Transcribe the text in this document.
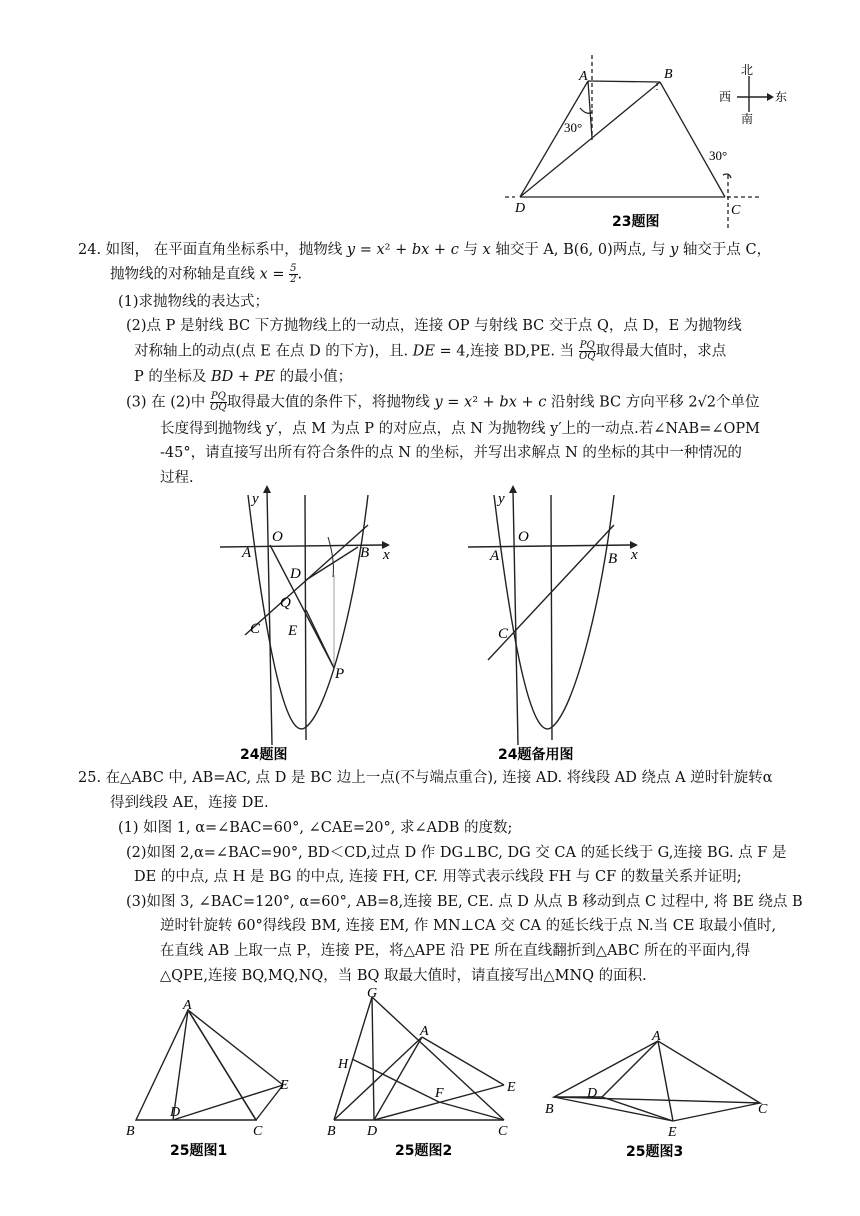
A	B
D	C
30°
30°
北
南
西	东
23题图
24. 如图， 在平面直角坐标系中，抛物线 y = x² + bx + c 与 x 轴交于 A, B(6, 0)两点, 与 y 轴交于点 C，
抛物线的对称轴是直线 $x = \frac{5}{2}$ .
(1)求抛物线的表达式；
(2)点 P 是射线 BC 下方抛物线上的一动点，连接 OP 与射线 BC 交于点 Q，点 D，E 为抛物线
对称轴上的动点(点 E 在点 D 的下方)，且. DE = 4,连接 BD,PE. 当 $\frac{PQ}{OQ}$ 取得最大值时，求点
P 的坐标及 BD + PE 的最小值；
(3) 在 (2)中 $\frac{PQ}{OQ}$ 取得最大值的条件下，将抛物线 y = x² + bx + c 沿射线 BC 方向平移 2√2个单位
长度得到抛物线 y′，点 M 为点 P 的对应点，点 N 为抛物线 y′上的一动点.若∠NAB=∠OPM
-45°，请直接写出所有符合条件的点 N 的坐标，并写出求解点 N 的坐标的其中一种情况的
过程.
y
x
O
A	B
C
D
Q
E
P
24题图
y
x
O
A	B
C
24题备用图
25. 在△ABC 中, AB=AC, 点 D 是 BC 边上一点(不与端点重合), 连接 AD. 将线段 AD 绕点 A 逆时针旋转α
得到线段 AE，连接 DE.
(1) 如图 1, α=∠BAC=60°, ∠CAE=20°, 求∠ADB 的度数;
(2)如图 2,α=∠BAC=90°, BD＜CD,过点 D 作 DG⊥BC, DG 交 CA 的延长线于 G,连接 BG. 点 F 是
DE 的中点, 点 H 是 BG 的中点, 连接 FH, CF. 用等式表示线段 FH 与 CF 的数量关系并证明;
(3)如图 3, ∠BAC=120°, α=60°, AB=8,连接 BE, CE. 点 D 从点 B 移动到点 C 过程中, 将 BE 绕点 B
逆时针旋转 60°得线段 BM, 连接 EM, 作 MN⊥CA 交 CA 的延长线于点 N.当 CE 取最小值时,
在直线 AB 上取一点 P，连接 PE，将△APE 沿 PE 所在直线翻折到△ABC 所在的平面内,得
△QPE,连接 BQ,MQ,NQ，当 BQ 取最大值时，请直接写出△MNQ 的面积.
A
B	C
D
E
25题图1
G
A
H
E
F
B D	C
25题图2
A
B	C
D
E
25题图3
